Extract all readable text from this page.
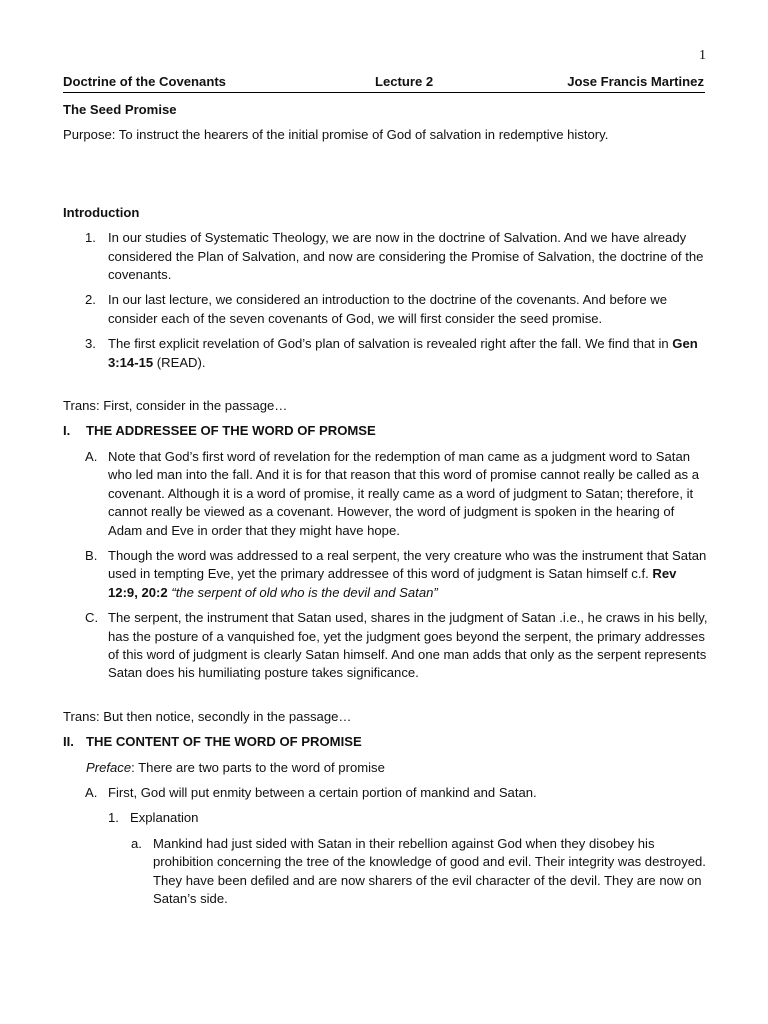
1
Doctrine of the Covenants	Lecture 2	Jose Francis Martinez

The Seed Promise

Purpose: To instruct the hearers of the initial promise of God of salvation in redemptive history.

Introduction

1. In our studies of Systematic Theology, we are now in the doctrine of Salvation. And we have already considered the Plan of Salvation, and now are considering the Promise of Salvation, the doctrine of the covenants.
2. In our last lecture, we considered an introduction to the doctrine of the covenants. And before we consider each of the seven covenants of God, we will first consider the seed promise.
3. The first explicit revelation of God’s plan of salvation is revealed right after the fall. We find that in Gen 3:14-15 (READ).

Trans: First, consider in the passage…

I. THE ADDRESSEE OF THE WORD OF PROMSE
A. Note that God’s first word of revelation for the redemption of man came as a judgment word to Satan who led man into the fall. And it is for that reason that this word of promise cannot really be called as a covenant. Although it is a word of promise, it really came as a word of judgment to Satan; therefore, it cannot really be viewed as a covenant. However, the word of judgment is spoken in the hearing of Adam and Eve in order that they might have hope.
B. Though the word was addressed to a real serpent, the very creature who was the instrument that Satan used in tempting Eve, yet the primary addressee of this word of judgment is Satan himself c.f. Rev 12:9, 20:2 “the serpent of old who is the devil and Satan”
C. The serpent, the instrument that Satan used, shares in the judgment of Satan .i.e., he craws in his belly, has the posture of a vanquished foe, yet the judgment goes beyond the serpent, the primary addresses of this word of judgment is clearly Satan himself. And one man adds that only as the serpent represents Satan does his humiliating posture takes significance.

Trans: But then notice, secondly in the passage…

II. THE CONTENT OF THE WORD OF PROMISE

Preface: There are two parts to the word of promise

A. First, God will put enmity between a certain portion of mankind and Satan.
1. Explanation
a. Mankind had just sided with Satan in their rebellion against God when they disobey his prohibition concerning the tree of the knowledge of good and evil. Their integrity was destroyed. They have been defiled and are now sharers of the evil character of the devil. They are now on Satan’s side.
